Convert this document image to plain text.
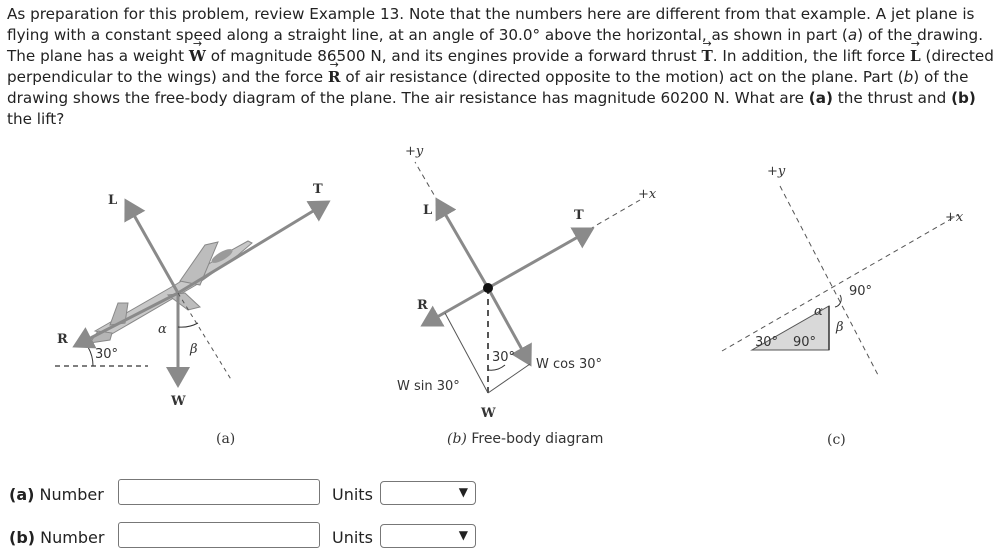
As preparation for this problem, review Example 13. Note that the numbers here are different from that example. A jet plane is flying with a constant speed along a straight line, at an angle of 30.0° above the horizontal, as shown in part (a) of the drawing. The plane has a weight → W of magnitude 86500 N, and its engines provide a forward thrust → T. In addition, the lift force → L (directed perpendicular to the wings) and the force → R of air resistance (directed opposite to the motion) act on the plane. Part (b) of the drawing shows the free-body diagram of the plane. The air resistance has magnitude 60200 N. What are (a) the thrust and (b) the lift?
L
T
R
W
30°
α
β
+y
+x
L	T
R
W
30°
W sin 30°
W cos 30°
+y
+x
30°
90°
90°
α
β
(a)	(b) Free-body diagram	(c)
(a) Number	Units	▼
(b) Number	Units	▼
